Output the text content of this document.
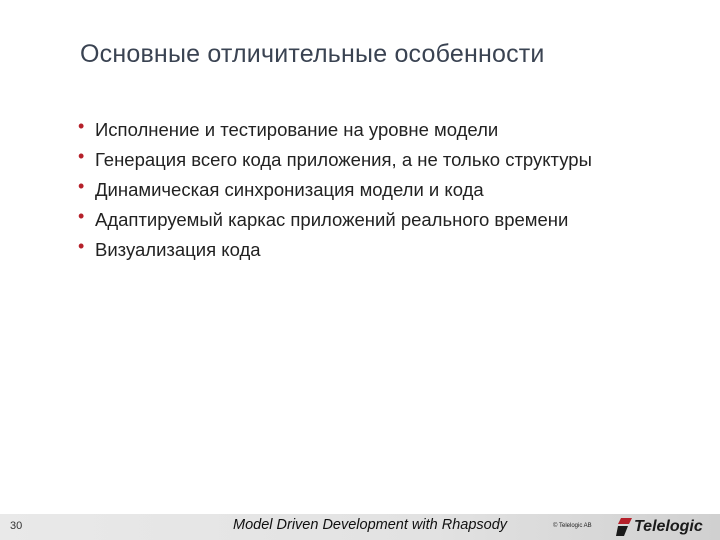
Основные отличительные особенности
• Исполнение и тестирование на уровне модели
• Генерация всего кода приложения, а не только структуры
• Динамическая синхронизация модели и кода
• Адаптируемый каркас приложений реального времени
• Визуализация кода
30	Model Driven Development with Rhapsody	© Telelogic AB	Telelogic
